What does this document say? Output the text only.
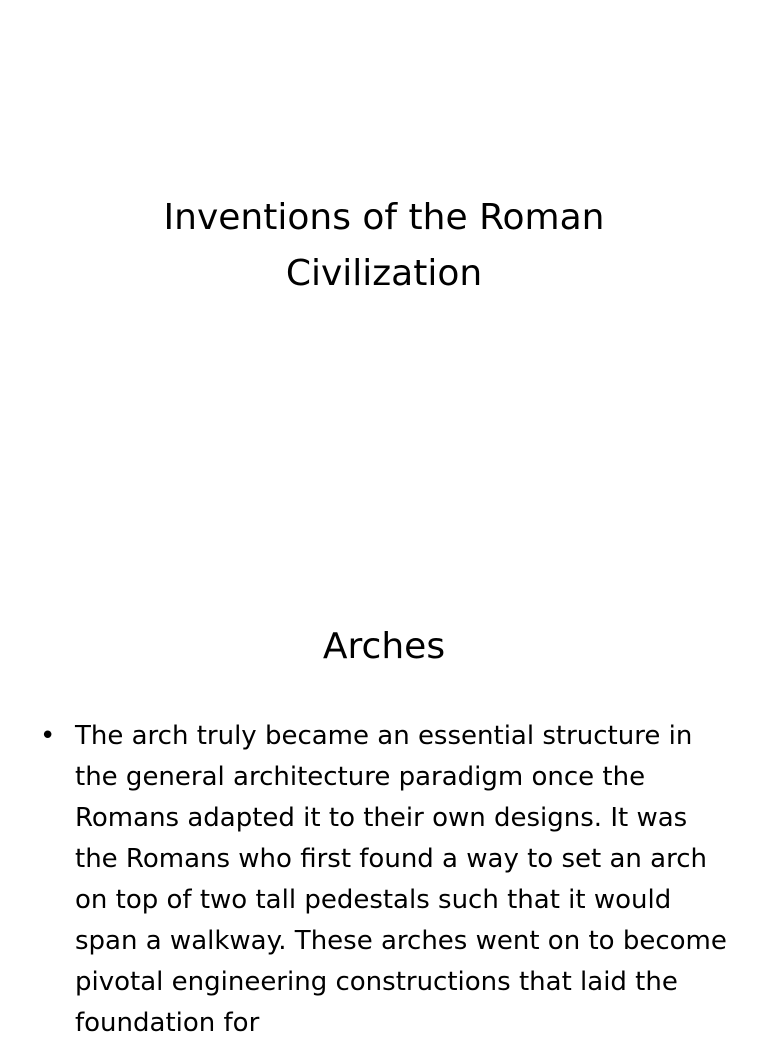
Inventions of the Roman Civilization
Arches
• The arch truly became an essential structure in the general architecture paradigm once the Romans adapted it to their own designs. It was the Romans who first found a way to set an arch on top of two tall pedestals such that it would span a walkway. These arches went on to become pivotal engineering constructions that laid the foundation for
